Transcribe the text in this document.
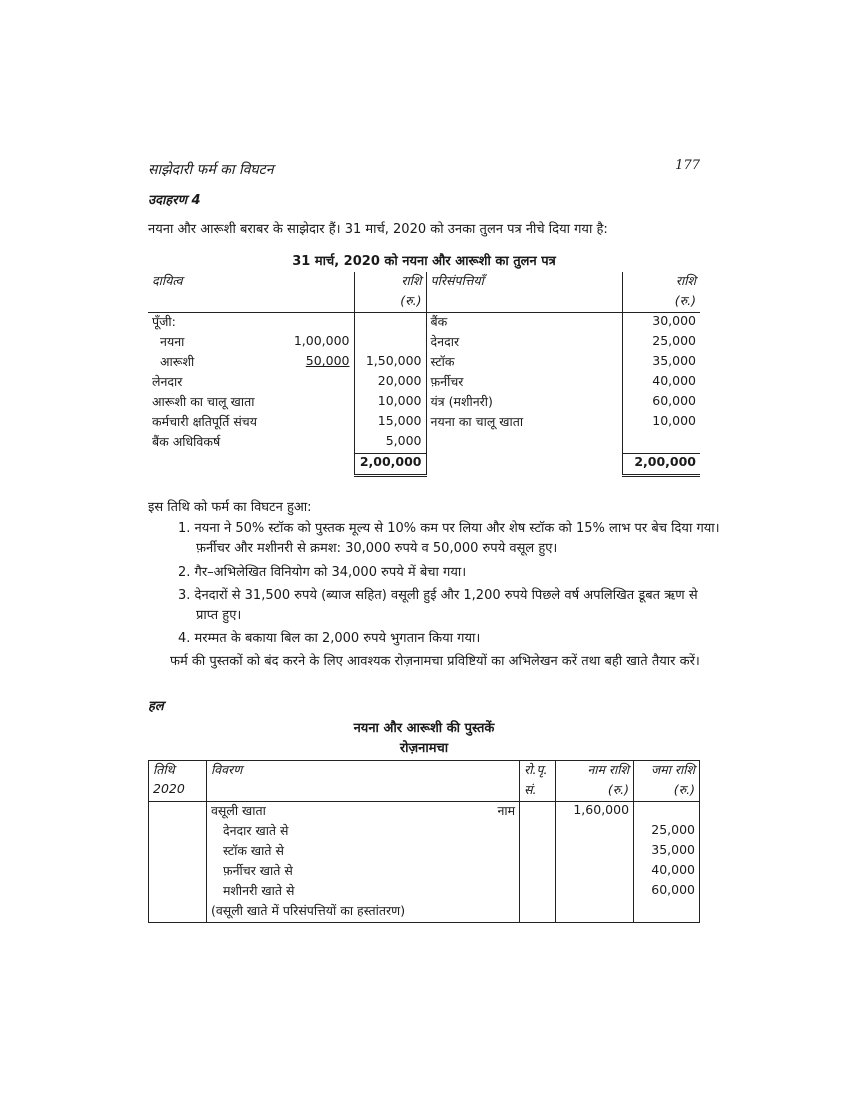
साझेदारी फर्म का विघटन	177
उदाहरण 4
नयना और आरूशी बराबर के साझेदार हैं। 31 मार्च, 2020 को उनका तुलन पत्र नीचे दिया गया है:
31 मार्च, 2020 को नयना और आरूशी का तुलन पत्र
दायित्व		राशि	परिसंपत्तियाँ	राशि
		(रु.)		(रु.)
पूँजी:			बैंक	30,000
नयना	1,00,000		देनदार	25,000
आरूशी	50,000	1,50,000	स्टॉक	35,000
लेनदार		20,000	फ़र्नीचर	40,000
आरूशी का चालू खाता		10,000	यंत्र (मशीनरी)	60,000
कर्मचारी क्षतिपूर्ति संचय		15,000	नयना का चालू खाता	10,000
बैंक अधिविकर्ष		5,000		
		2,00,000		2,00,000
इस तिथि को फर्म का विघटन हुआ:
1. नयना ने 50% स्टॉक को पुस्तक मूल्य से 10% कम पर लिया और शेष स्टॉक को 15% लाभ पर बेच दिया गया। फ़र्नीचर और मशीनरी से क्रमश: 30,000 रुपये व 50,000 रुपये वसूल हुए।
2. गैर–अभिलेखित विनियोग को 34,000 रुपये में बेचा गया।
3. देनदारों से 31,500 रुपये (ब्याज सहित) वसूली हुई और 1,200 रुपये पिछले वर्ष अपलिखित डूबत ऋण से प्राप्त हुए।
4. मरम्मत के बकाया बिल का 2,000 रुपये भुगतान किया गया।
फर्म की पुस्तकों को बंद करने के लिए आवश्यक रोज़नामचा प्रविष्टियों का अभिलेखन करें तथा बही खाते तैयार करें।
हल
नयना और आरूशी की पुस्तकें
रोज़नामचा
तिथि	विवरण	रो.पृ.	नाम राशि	जमा राशि
2020		सं.	(रु.)	(रु.)
	वसूली खाता नाम		1,60,000	
	देनदार खाते से			25,000
	स्टॉक खाते से			35,000
	फ़र्नीचर खाते से			40,000
	मशीनरी खाते से			60,000
	(वसूली खाते में परिसंपत्तियों का हस्तांतरण)			
